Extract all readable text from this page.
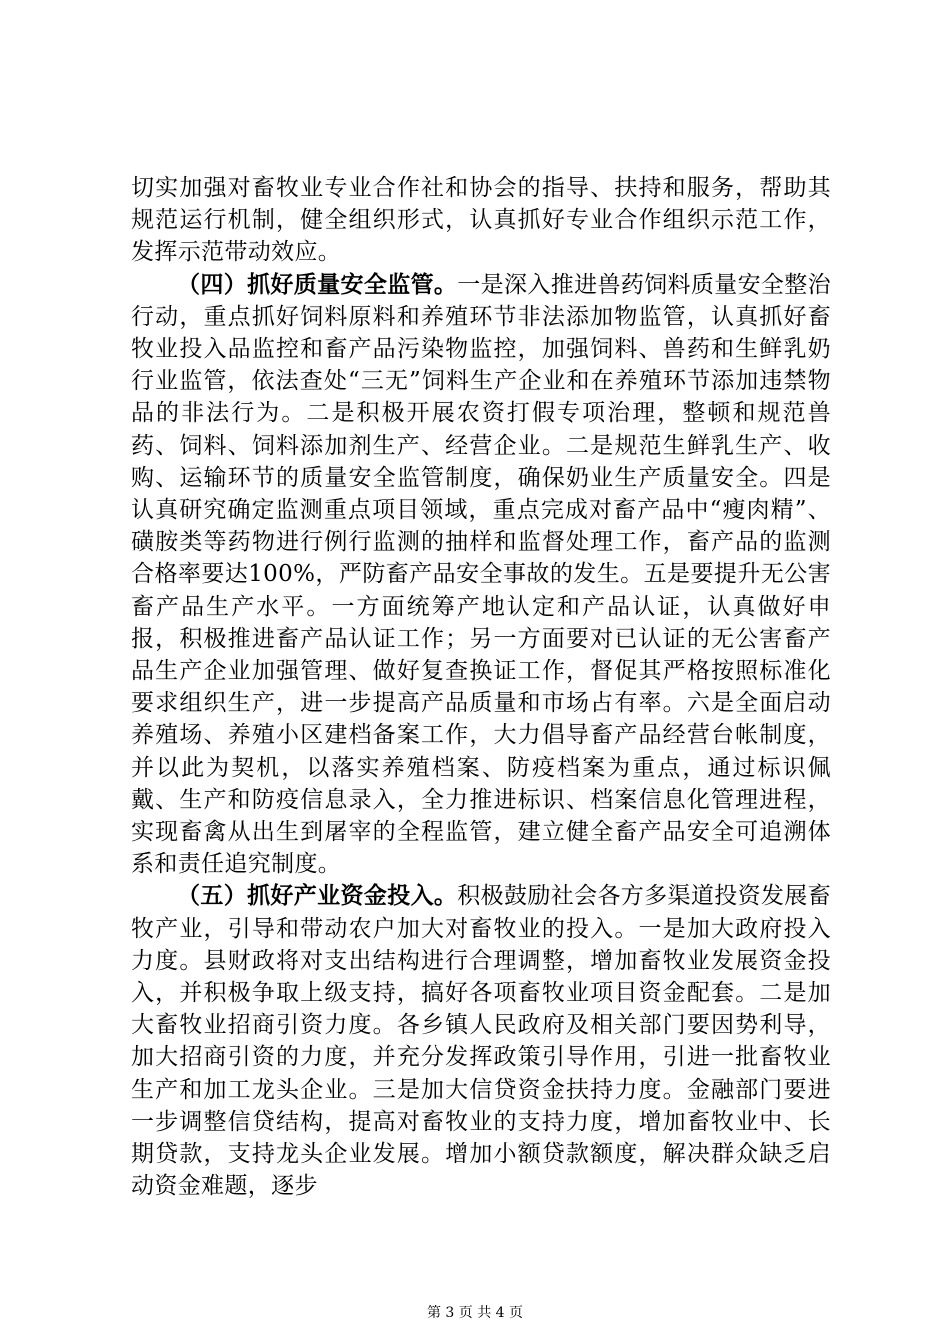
切实加强对畜牧业专业合作社和协会的指导、扶持和服务，帮助其规范运行机制，健全组织形式，认真抓好专业合作组织示范工作，发挥示范带动效应。

（四）抓好质量安全监管。一是深入推进兽药饲料质量安全整治行动，重点抓好饲料原料和养殖环节非法添加物监管，认真抓好畜牧业投入品监控和畜产品污染物监控，加强饲料、兽药和生鲜乳奶行业监管，依法查处“三无”饲料生产企业和在养殖环节添加违禁物品的非法行为。二是积极开展农资打假专项治理，整顿和规范兽药、饲料、饲料添加剂生产、经营企业。二是规范生鲜乳生产、收购、运输环节的质量安全监管制度，确保奶业生产质量安全。四是认真研究确定监测重点项目领域，重点完成对畜产品中“瘦肉精”、磺胺类等药物进行例行监测的抽样和监督处理工作，畜产品的监测合格率要达100%，严防畜产品安全事故的发生。五是要提升无公害畜产品生产水平。一方面统筹产地认定和产品认证，认真做好申报，积极推进畜产品认证工作；另一方面要对已认证的无公害畜产品生产企业加强管理、做好复查换证工作，督促其严格按照标准化要求组织生产，进一步提高产品质量和市场占有率。六是全面启动养殖场、养殖小区建档备案工作，大力倡导畜产品经营台帐制度，并以此为契机，以落实养殖档案、防疫档案为重点，通过标识佩戴、生产和防疫信息录入，全力推进标识、档案信息化管理进程，实现畜禽从出生到屠宰的全程监管，建立健全畜产品安全可追溯体系和责任追究制度。

（五）抓好产业资金投入。积极鼓励社会各方多渠道投资发展畜牧产业，引导和带动农户加大对畜牧业的投入。一是加大政府投入力度。县财政将对支出结构进行合理调整，增加畜牧业发展资金投入，并积极争取上级支持，搞好各项畜牧业项目资金配套。二是加大畜牧业招商引资力度。各乡镇人民政府及相关部门要因势利导，加大招商引资的力度，并充分发挥政策引导作用，引进一批畜牧业生产和加工龙头企业。三是加大信贷资金扶持力度。金融部门要进一步调整信贷结构，提高对畜牧业的支持力度，增加畜牧业中、长期贷款，支持龙头企业发展。增加小额贷款额度，解决群众缺乏启动资金难题，逐步

第 3 页 共 4 页
